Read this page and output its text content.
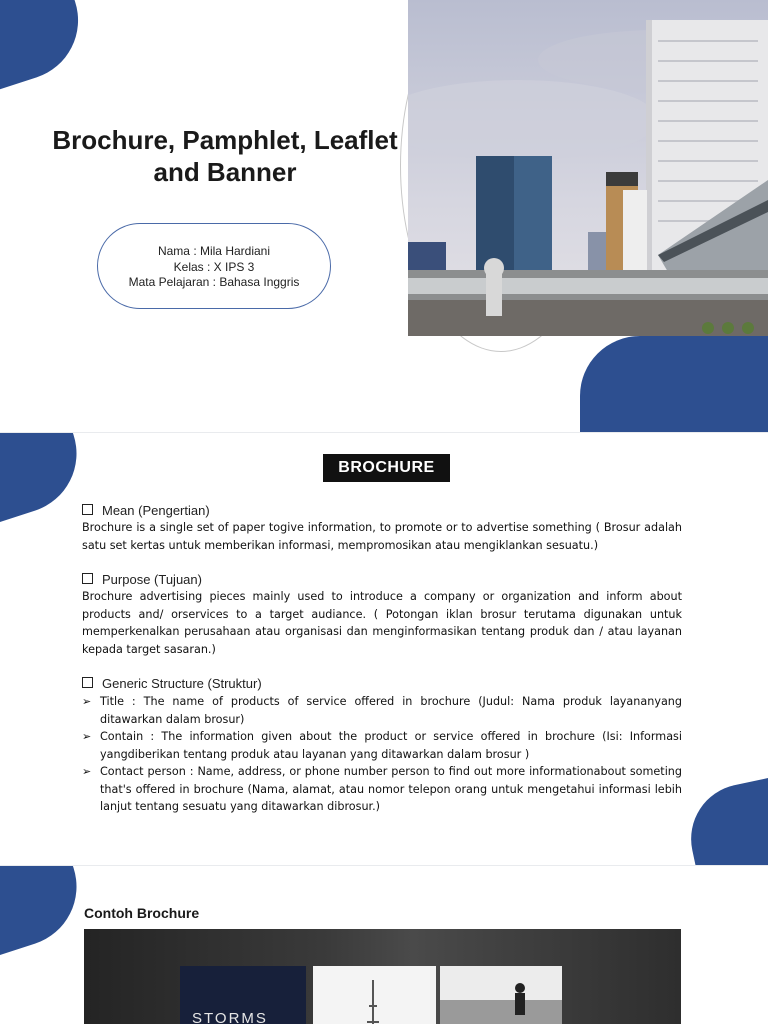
Brochure, Pamphlet, Leaflet
and Banner
Nama : Mila Hardiani
Kelas : X IPS 3
Mata Pelajaran : Bahasa Inggris
BROCHURE
Mean (Pengertian)

Brochure is a single set of paper togive information, to promote or to advertise something ( Brosur adalah satu set kertas untuk memberikan informasi, mempromosikan atau mengiklankan sesuatu.)

Purpose (Tujuan)

Brochure advertising pieces mainly used to introduce a company or organization and inform about products and/ orservices to a target audiance. ( Potongan iklan brosur terutama digunakan untuk memperkenalkan perusahaan atau organisasi dan menginformasikan tentang produk dan / atau layanan kepada target sasaran.)

Generic Structure (Struktur)
➢ Title : The name of products of service offered in brochure (Judul: Nama produk layananyang ditawarkan dalam brosur)
➢ Contain : The information given about the product or service offered in brochure (Isi: Informasi yangdiberikan tentang produk atau layanan yang ditawarkan dalam brosur )
➢ Contact person : Name, address, or phone number person to find out more informationabout someting that's offered in brochure (Nama, alamat, atau nomor telepon orang untuk mengetahui informasi lebih lanjut tentang sesuatu yang ditawarkan dibrosur.)
Contoh Brochure
STORMS
